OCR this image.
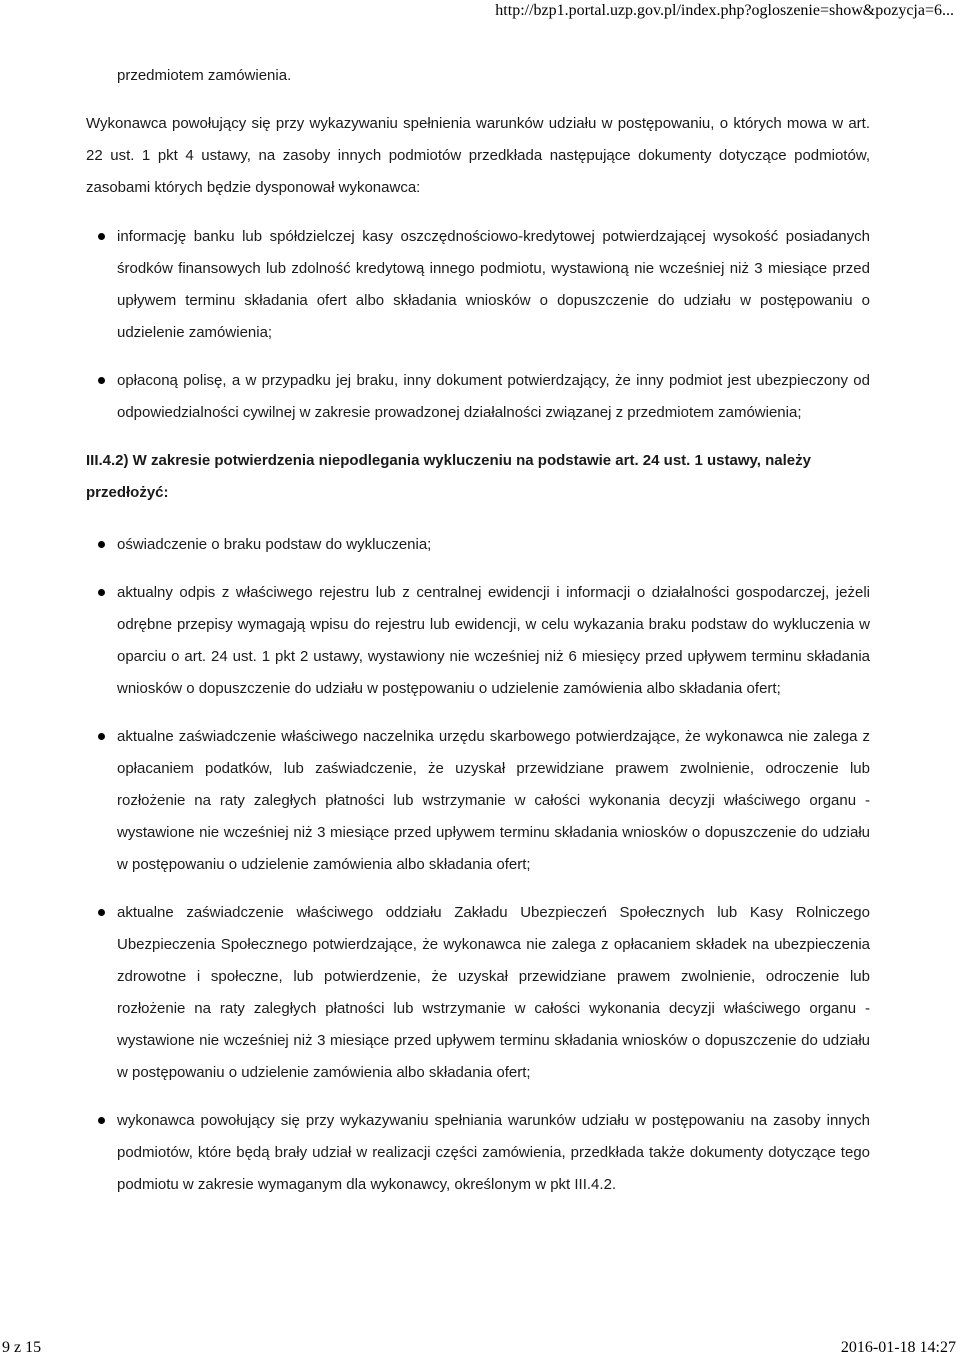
http://bzp1.portal.uzp.gov.pl/index.php?ogloszenie=show&pozycja=6...

przedmiotem zamówienia.

Wykonawca powołujący się przy wykazywaniu spełnienia warunków udziału w postępowaniu, o których mowa w art. 22 ust. 1 pkt 4 ustawy, na zasoby innych podmiotów przedkłada następujące dokumenty dotyczące podmiotów, zasobami których będzie dysponował wykonawca:

informację banku lub spółdzielczej kasy oszczędnościowo-kredytowej potwierdzającej wysokość posiadanych środków finansowych lub zdolność kredytową innego podmiotu, wystawioną nie wcześniej niż 3 miesiące przed upływem terminu składania ofert albo składania wniosków o dopuszczenie do udziału w postępowaniu o udzielenie zamówienia;
opłaconą polisę, a w przypadku jej braku, inny dokument potwierdzający, że inny podmiot jest ubezpieczony od odpowiedzialności cywilnej w zakresie prowadzonej działalności związanej z przedmiotem zamówienia;

III.4.2) W zakresie potwierdzenia niepodlegania wykluczeniu na podstawie art. 24 ust. 1 ustawy, należy przedłożyć:

oświadczenie o braku podstaw do wykluczenia;
aktualny odpis z właściwego rejestru lub z centralnej ewidencji i informacji o działalności gospodarczej, jeżeli odrębne przepisy wymagają wpisu do rejestru lub ewidencji, w celu wykazania braku podstaw do wykluczenia w oparciu o art. 24 ust. 1 pkt 2 ustawy, wystawiony nie wcześniej niż 6 miesięcy przed upływem terminu składania wniosków o dopuszczenie do udziału w postępowaniu o udzielenie zamówienia albo składania ofert;
aktualne zaświadczenie właściwego naczelnika urzędu skarbowego potwierdzające, że wykonawca nie zalega z opłacaniem podatków, lub zaświadczenie, że uzyskał przewidziane prawem zwolnienie, odroczenie lub rozłożenie na raty zaległych płatności lub wstrzymanie w całości wykonania decyzji właściwego organu - wystawione nie wcześniej niż 3 miesiące przed upływem terminu składania wniosków o dopuszczenie do udziału w postępowaniu o udzielenie zamówienia albo składania ofert;
aktualne zaświadczenie właściwego oddziału Zakładu Ubezpieczeń Społecznych lub Kasy Rolniczego Ubezpieczenia Społecznego potwierdzające, że wykonawca nie zalega z opłacaniem składek na ubezpieczenia zdrowotne i społeczne, lub potwierdzenie, że uzyskał przewidziane prawem zwolnienie, odroczenie lub rozłożenie na raty zaległych płatności lub wstrzymanie w całości wykonania decyzji właściwego organu - wystawione nie wcześniej niż 3 miesiące przed upływem terminu składania wniosków o dopuszczenie do udziału w postępowaniu o udzielenie zamówienia albo składania ofert;
wykonawca powołujący się przy wykazywaniu spełniania warunków udziału w postępowaniu na zasoby innych podmiotów, które będą brały udział w realizacji części zamówienia, przedkłada także dokumenty dotyczące tego podmiotu w zakresie wymaganym dla wykonawcy, określonym w pkt III.4.2.
9 z 15	2016-01-18 14:27
